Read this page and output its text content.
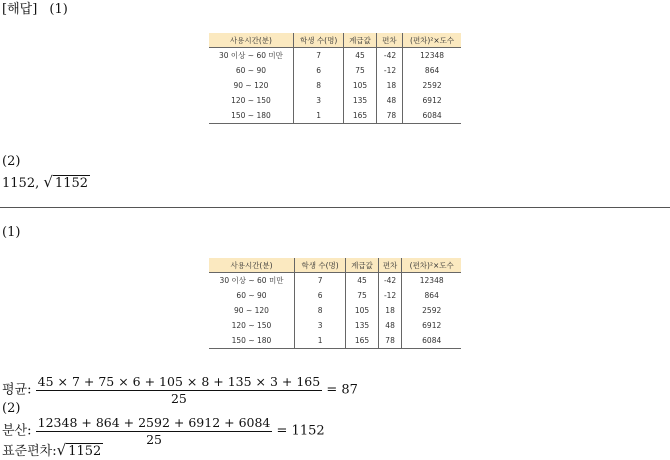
[해답] (1)
사용시간(분)	학생 수(명)	계급값	편차	(편차)²×도수
30 이상 ~ 60 미만	7	45	-42	12348
60 ~ 90	6	75	-12	864
90 ~ 120	8	105	18	2592
120 ~ 150	3	135	48	6912
150 ~ 180	1	165	78	6084
(2)
1152, √ 1152
(1)
사용시간(분)	학생 수(명)	계급값	편차	(편차)²×도수
30 이상 ~ 60 미만	7	45	-42	12348
60 ~ 90	6	75	-12	864
90 ~ 120	8	105	18	2592
120 ~ 150	3	135	48	6912
150 ~ 180	1	165	78	6084
평균: $\frac{45 \times 7 + 75 \times 6 + 105 \times 8 + 135 \times 3 + 165}{25} = 87$
(2)
분산: $\frac{12348 + 864 + 2592 + 6912 + 6084}{25} = 1152$
표준편차:√ 1152
